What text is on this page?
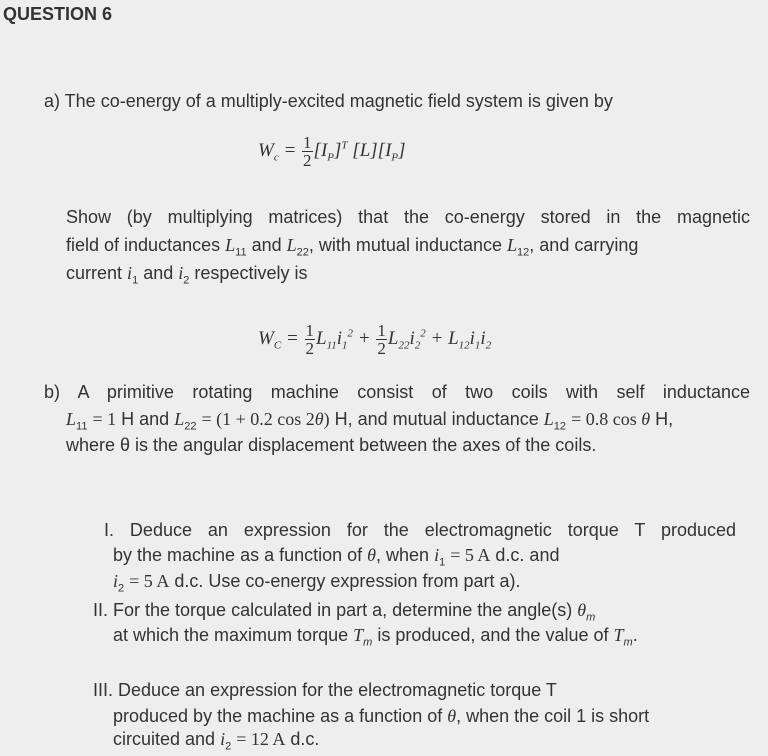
QUESTION 6
a) The co-energy of a multiply-excited magnetic field system is given by
$W_c = \frac{1}{2} [I_P]^T$ $[L][I_P]$
Show (by multiplying matrices) that the co-energy stored in the magnetic
field of inductances $L_{11}$ and $L_{22}$, with mutual inductance $L_{12}$, and carrying
current $i_1$ and $i_2$ respectively is
$W_C = \frac{1}{2} L_{11}i_1^2 + \frac{1}{2} L_{22}i_2^2 + L_{12}i_1i_2$
b) A primitive rotating machine consist of two coils with self inductance
$L_{11} = 1$ H and $L_{22} = (1 + 0.2$ cos 2θ) H, and mutual inductance $L_{12} = 0.8$ cos θ H,
where θ is the angular displacement between the axes of the coils.
I. Deduce an expression for the electromagnetic torque T produced
by the machine as a function of θ, when $i_1 = 5$ A d.c. and
$i_2 = 5$ A d.c. Use co-energy expression from part a).
II. For the torque calculated in part a, determine the angle(s) $\theta_m$
at which the maximum torque $T_m$ is produced, and the value of $T_m$.
III. Deduce an expression for the electromagnetic torque T
produced by the machine as a function of θ, when the coil 1 is short
circuited and $i_2 = 12$ A d.c.
